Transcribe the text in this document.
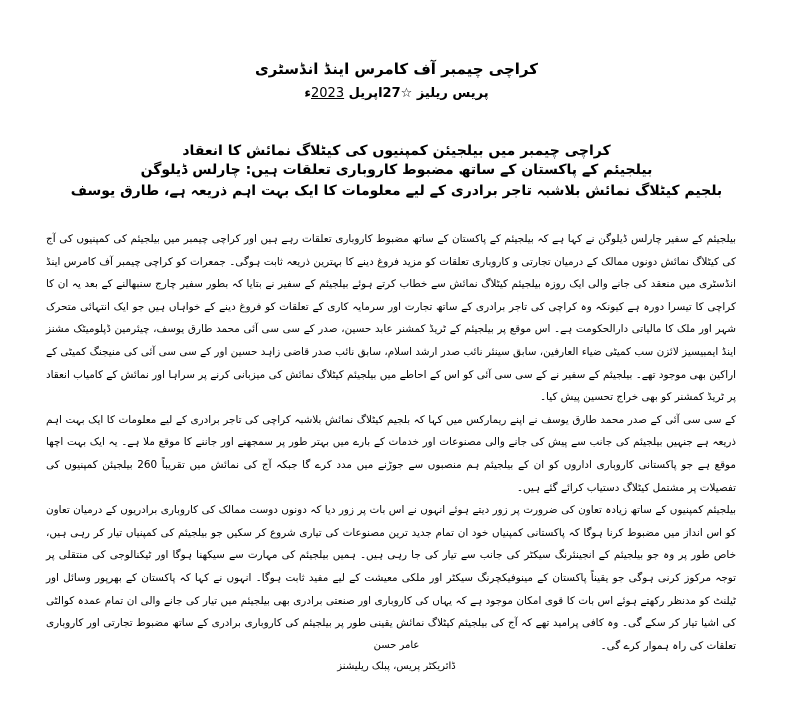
کراچی چیمبر آف کامرس اینڈ انڈسٹری
پریس ریلیز ☆27اپریل 2023ء
کراچی چیمبر میں بیلجیئن کمپنیوں کی کیٹلاگ نمائش کا انعقاد
بیلجیئم کے پاکستان کے ساتھ مضبوط کاروباری تعلقات ہیں: چارلس ڈیلوگن
بلجیم کیٹلاگ نمائش بلاشبہ تاجر برادری کے لیے معلومات کا ایک بہت اہم ذریعہ ہے، طارق یوسف

بیلجیئم کے سفیر چارلس ڈیلوگن نے کہا ہے کہ بیلجیئم کے پاکستان کے ساتھ مضبوط کاروباری تعلقات رہے ہیں اور کراچی چیمبر میں بیلجیئم کی کمپنیوں کی آج کی کیٹلاگ نمائش دونوں ممالک کے درمیان تجارتی و کاروباری تعلقات کو مزید فروغ دینے کا بہترین ذریعہ ثابت ہوگی۔ جمعرات کو کراچی چیمبر آف کامرس اینڈ انڈسٹری میں منعقد کی جانے والی ایک روزہ بیلجیئم کیٹلاگ نمائش سے خطاب کرتے ہوئے بیلجیئم کے سفیر نے بتایا کہ بطور سفیر چارج سنبھالنے کے بعد یہ ان کا کراچی کا تیسرا دورہ ہے کیونکہ وہ کراچی کی تاجر برادری کے ساتھ تجارت اور سرمایہ کاری کے تعلقات کو فروغ دینے کے خواہاں ہیں جو ایک انتہائی متحرک شہر اور ملک کا مالیاتی دارالحکومت ہے۔ اس موقع پر بیلجیئم کے ٹریڈ کمشنر عابد حسین، صدر کے سی سی آئی محمد طارق یوسف، چیئرمین ڈپلومیٹک مشنز اینڈ ایمبیسیز لائزن سب کمیٹی ضیاء العارفین، سابق سینئر نائب صدر ارشد اسلام، سابق نائب صدر قاضی زاہد حسین اور کے سی سی آئی کی منیجنگ کمیٹی کے اراکین بھی موجود تھے۔ بیلجیئم کے سفیر نے کے سی سی آئی کو اس کے احاطے میں بیلجیئم کیٹلاگ نمائش کی میزبانی کرنے پر سراہا اور نمائش کے کامیاب انعقاد پر ٹریڈ کمشنر کو بھی خراج تحسین پیش کیا۔

کے سی سی آئی کے صدر محمد طارق یوسف نے اپنے ریمارکس میں کہا کہ بلجیم کیٹلاگ نمائش بلاشبہ کراچی کی تاجر برادری کے لیے معلومات کا ایک بہت اہم ذریعہ ہے جنہیں بیلجیئم کی جانب سے پیش کی جانے والی مصنوعات اور خدمات کے بارے میں بہتر طور پر سمجھنے اور جاننے کا موقع ملا ہے۔ یہ ایک بہت اچھا موقع ہے جو پاکستانی کاروباری اداروں کو ان کے بیلجیئم ہم منصبوں سے جوڑنے میں مدد کرے گا جبکہ آج کی نمائش میں تقریباً 260 بیلجیئن کمپنیوں کی تفصیلات پر مشتمل کیٹلاگ دستیاب کرائے گئے ہیں۔

بیلجیئم کمپنیوں کے ساتھ زیادہ تعاون کی ضرورت پر زور دیتے ہوئے انہوں نے اس بات پر زور دیا کہ دونوں دوست ممالک کی کاروباری برادریوں کے درمیان تعاون کو اس انداز میں مضبوط کرنا ہوگا کہ پاکستانی کمپنیاں خود ان تمام جدید ترین مصنوعات کی تیاری شروع کر سکیں جو بیلجیئم کی کمپنیاں تیار کر رہی ہیں، خاص طور پر وہ جو بیلجیئم کے انجینئرنگ سیکٹر کی جانب سے تیار کی جا رہی ہیں۔ ہمیں بیلجیئم کی مہارت سے سیکھنا ہوگا اور ٹیکنالوجی کی منتقلی پر توجہ مرکوز کرنی ہوگی جو یقیناً پاکستان کے مینوفیکچرنگ سیکٹر اور ملکی معیشت کے لیے مفید ثابت ہوگا۔ انہوں نے کہا کہ پاکستان کے بھرپور وسائل اور ٹیلنٹ کو مدنظر رکھتے ہوئے اس بات کا قوی امکان موجود ہے کہ یہاں کی کاروباری اور صنعتی برادری بھی بیلجیئم میں تیار کی جانے والی ان تمام عمدہ کوالٹی کی اشیا تیار کر سکے گی۔ وہ کافی پرامید تھے کہ آج کی بیلجیئم کیٹلاگ نمائش یقینی طور پر بیلجیئم کی کاروباری برادری کے ساتھ مضبوط تجارتی اور کاروباری تعلقات کی راہ ہموار کرے گی۔

عامر حسن
ڈائریکٹر پریس، پبلک ریلیشنز
